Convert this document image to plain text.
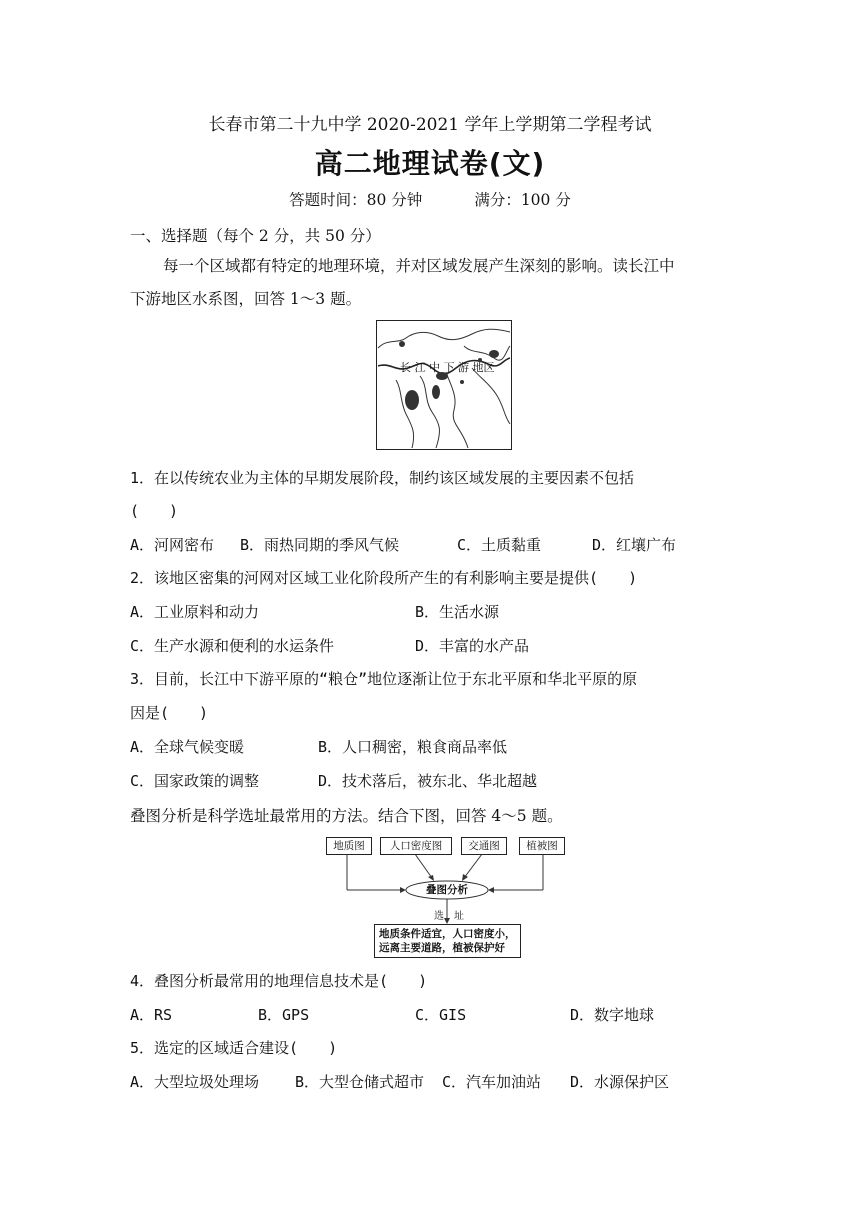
长春市第二十九中学 2020-2021 学年上学期第二学程考试
高二地理试卷(文)
答题时间：80 分钟	满分：100 分
一、选择题（每个 2 分，共 50 分）
每一个区域都有特定的地理环境，并对区域发展产生深刻的影响。读长江中
下游地区水系图，回答 1～3 题。
长 江 中 下 游 地区
1．在以传统农业为主体的早期发展阶段，制约该区域发展的主要因素不包括
(　　)
A．河网密布 B．雨热同期的季风气候	C．土质黏重	D．红壤广布
2．该地区密集的河网对区域工业化阶段所产生的有利影响主要是提供(　　)
A．工业原料和动力	B．生活水源
C．生产水源和便利的水运条件	D．丰富的水产品
3．目前，长江中下游平原的“粮仓”地位逐渐让位于东北平原和华北平原的原
因是(　　)
A．全球气候变暖	B．人口稠密，粮食商品率低
C．国家政策的调整	D．技术落后，被东北、华北超越
叠图分析是科学选址最常用的方法。结合下图，回答 4～5 题。
地质图	人口密度图	交通图	植被图
叠图分析
选　址
地质条件适宜，人口密度小，
远离主要道路，植被保护好
4．叠图分析最常用的地理信息技术是(　　)
A．RS	B．GPS	C．GIS	D．数字地球
5．选定的区域适合建设(　　)
A．大型垃圾处理场 B．大型仓储式超市 C．汽车加油站 D．水源保护区
